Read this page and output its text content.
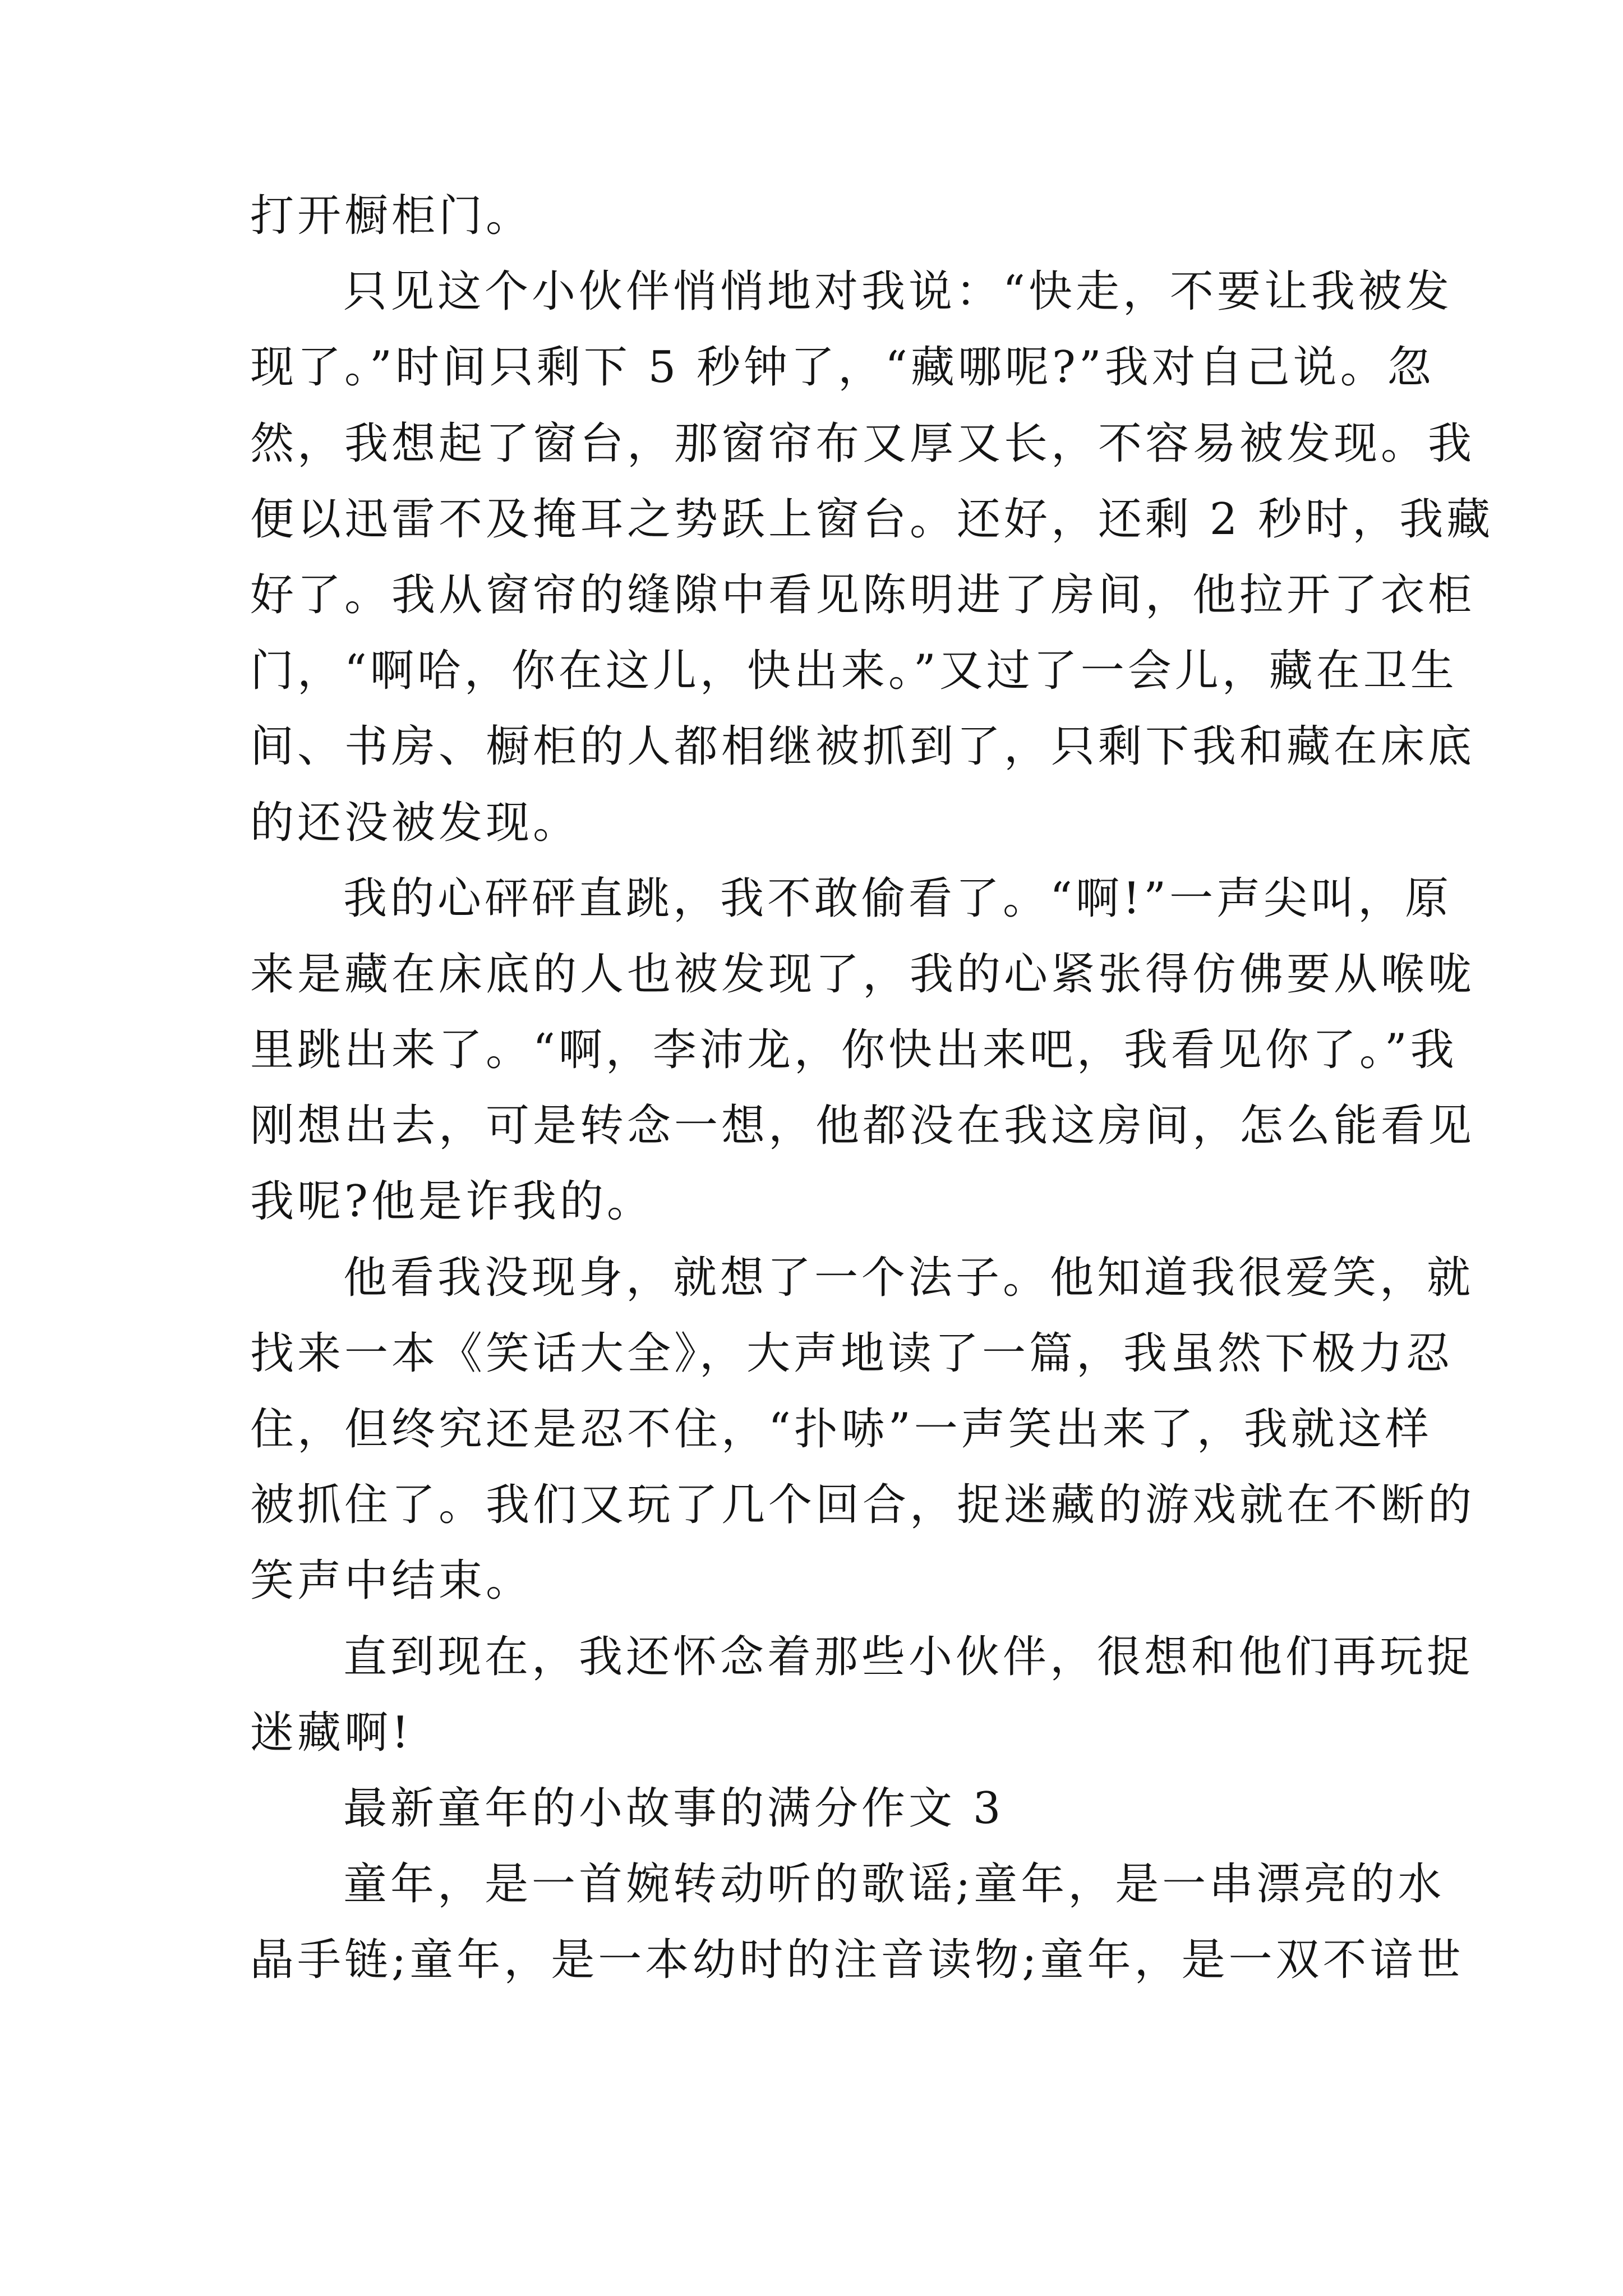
打开橱柜门。
只见这个小伙伴悄悄地对我说：“快走，不要让我被发
现了。”时间只剩下 5 秒钟了，“藏哪呢?”我对自己说。忽
然，我想起了窗台，那窗帘布又厚又长，不容易被发现。我
便以迅雷不及掩耳之势跃上窗台。还好，还剩 2 秒时，我藏
好了。我从窗帘的缝隙中看见陈明进了房间，他拉开了衣柜
门，“啊哈，你在这儿，快出来。”又过了一会儿，藏在卫生
间、书房、橱柜的人都相继被抓到了，只剩下我和藏在床底
的还没被发现。
我的心砰砰直跳，我不敢偷看了。“啊!”一声尖叫，原
来是藏在床底的人也被发现了，我的心紧张得仿佛要从喉咙
里跳出来了。“啊，李沛龙，你快出来吧，我看见你了。”我
刚想出去，可是转念一想，他都没在我这房间，怎么能看见
我呢?他是诈我的。
他看我没现身，就想了一个法子。他知道我很爱笑，就
找来一本《笑话大全》，大声地读了一篇，我虽然下极力忍
住，但终究还是忍不住，“扑哧”一声笑出来了，我就这样
被抓住了。我们又玩了几个回合，捉迷藏的游戏就在不断的
笑声中结束。
直到现在，我还怀念着那些小伙伴，很想和他们再玩捉
迷藏啊!
最新童年的小故事的满分作文 3
童年，是一首婉转动听的歌谣;童年，是一串漂亮的水
晶手链;童年，是一本幼时的注音读物;童年，是一双不谙世
